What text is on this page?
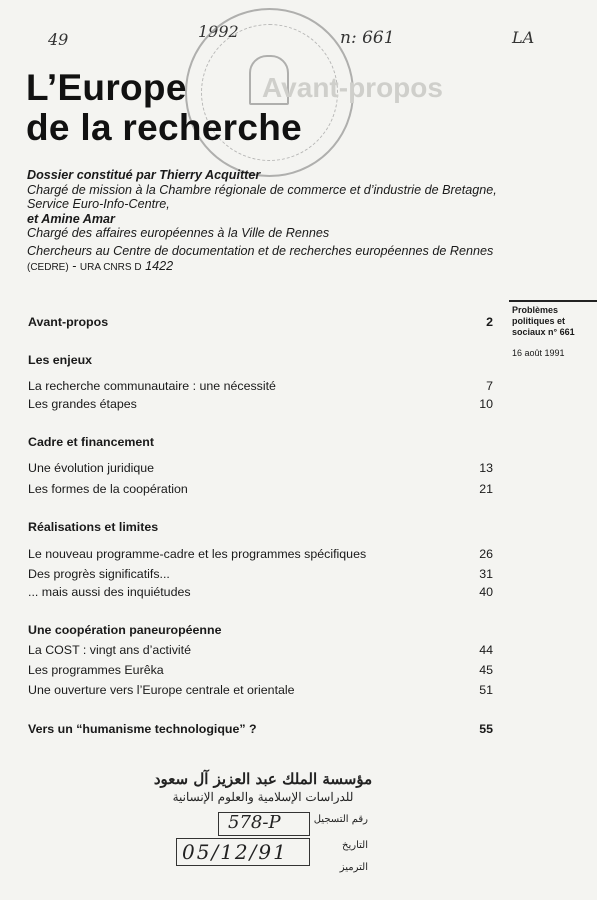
49	1992	n: 661	LA
Avant-propos
L’Europe
de la recherche

Dossier constitué par Thierry Acquitter

Chargé de mission à la Chambre régionale de commerce et d’industrie de Bretagne, Service Euro-Info-Centre,

et Amine Amar

Chargé des affaires européennes à la Ville de Rennes

Chercheurs au Centre de documentation et de recherches européennes de Rennes (CEDRE) - URA CNRS D 1422

Problèmes politiques et sociaux n° 661

16 août 1991

Avant-propos	2
Les enjeux
La recherche communautaire : une nécessité	7
Les grandes étapes	10
Cadre et financement
Une évolution juridique	13
Les formes de la coopération	21
Réalisations et limites
Le nouveau programme-cadre et les programmes spécifiques	26
Des progrès significatifs...	31
... mais aussi des inquiétudes	40
Une coopération paneuropéenne
La COST : vingt ans d’activité	44
Les programmes Eurêka	45
Une ouverture vers l’Europe centrale et orientale	51
Vers un “humanisme technologique” ?	55
مؤسسة الملك عبد العزيز آل سعود
للدراسات الإسلامية والعلوم الإنسانية
رقم التسجيل
578-P
التاريخ
05/12/91
الترميز
